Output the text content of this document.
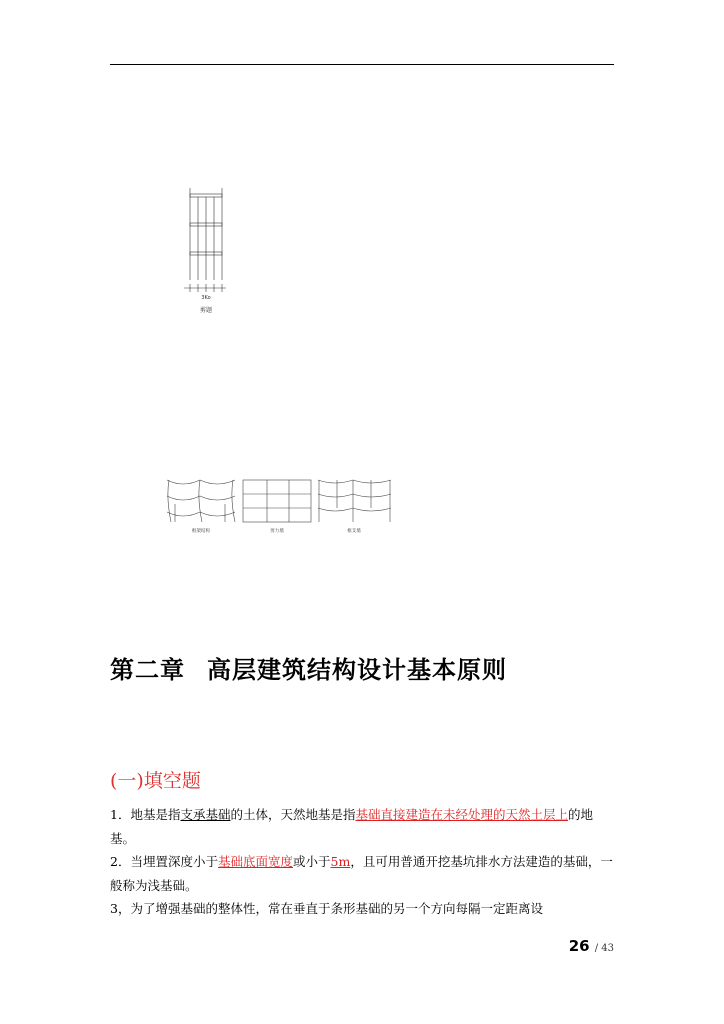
3Ko
剪题
框架结构	剪力墙	框支墙
第二章 高层建筑结构设计基本原则
(一)填空题

1．地基是指支承基础的土体，天然地基是指基础直接建造在未经处理的天然土层上的地基。

2．当埋置深度小于基础底面宽度或小于5m，且可用普通开挖基坑排水方法建造的基础，一般称为浅基础。

3，为了增强基础的整体性，常在垂直于条形基础的另一个方向每隔一定距离设

26 / 43
